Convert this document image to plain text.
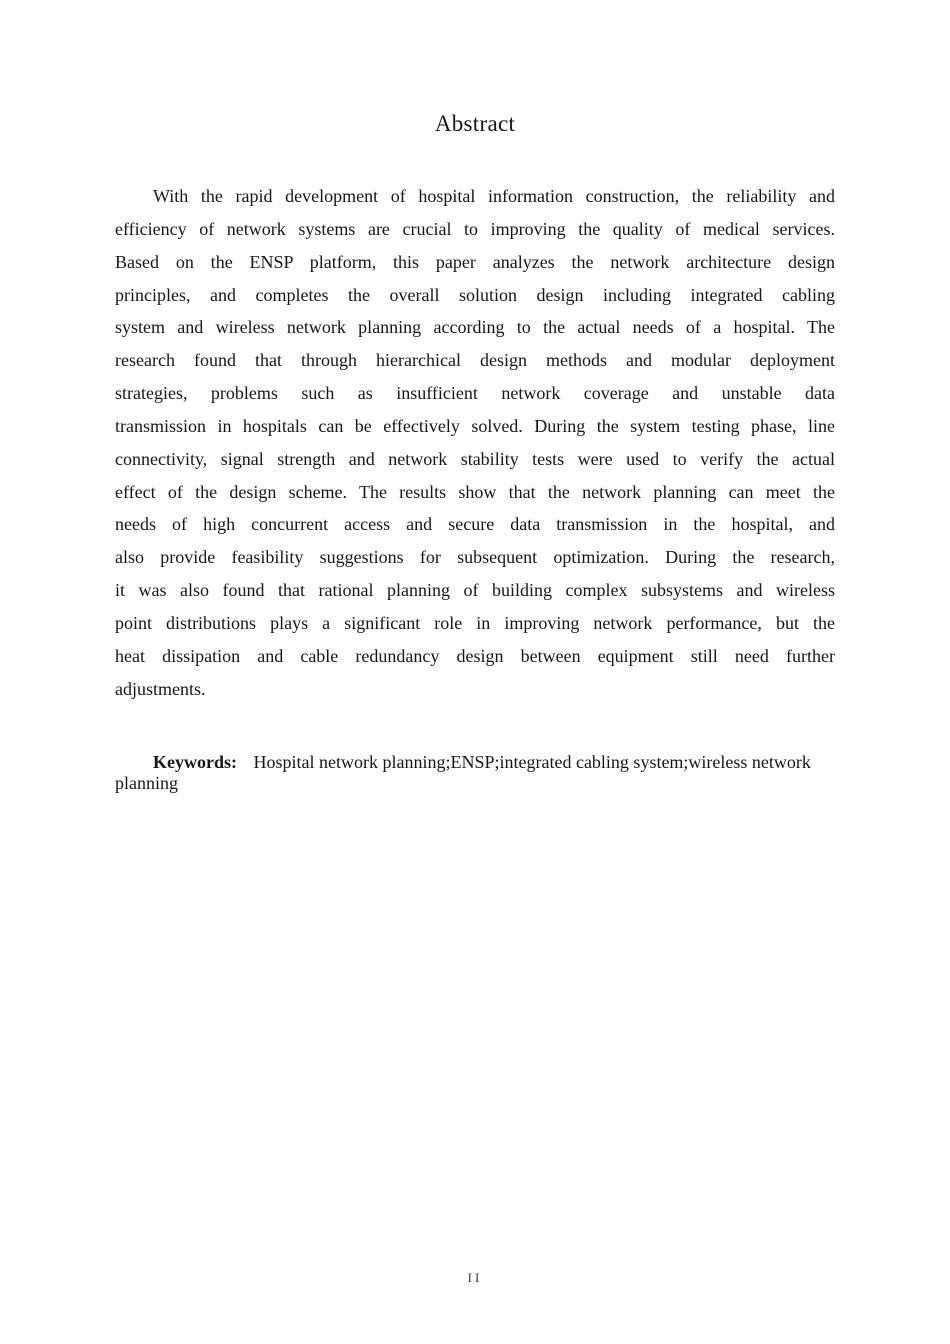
Abstract
With the rapid development of hospital information construction, the reliability and
efficiency of network systems are crucial to improving the quality of medical services.
Based on the ENSP platform, this paper analyzes the network architecture design
principles, and completes the overall solution design including integrated cabling
system and wireless network planning according to the actual needs of a hospital. The
research found that through hierarchical design methods and modular deployment
strategies, problems such as insufficient network coverage and unstable data
transmission in hospitals can be effectively solved. During the system testing phase, line
connectivity, signal strength and network stability tests were used to verify the actual
effect of the design scheme. The results show that the network planning can meet the
needs of high concurrent access and secure data transmission in the hospital, and
also provide feasibility suggestions for subsequent optimization. During the research,
it was also found that rational planning of building complex subsystems and wireless
point distributions plays a significant role in improving network performance, but the
heat dissipation and cable redundancy design between equipment still need further
adjustments.

Keywords: Hospital network planning;ENSP;integrated cabling system;wireless network planning

II
